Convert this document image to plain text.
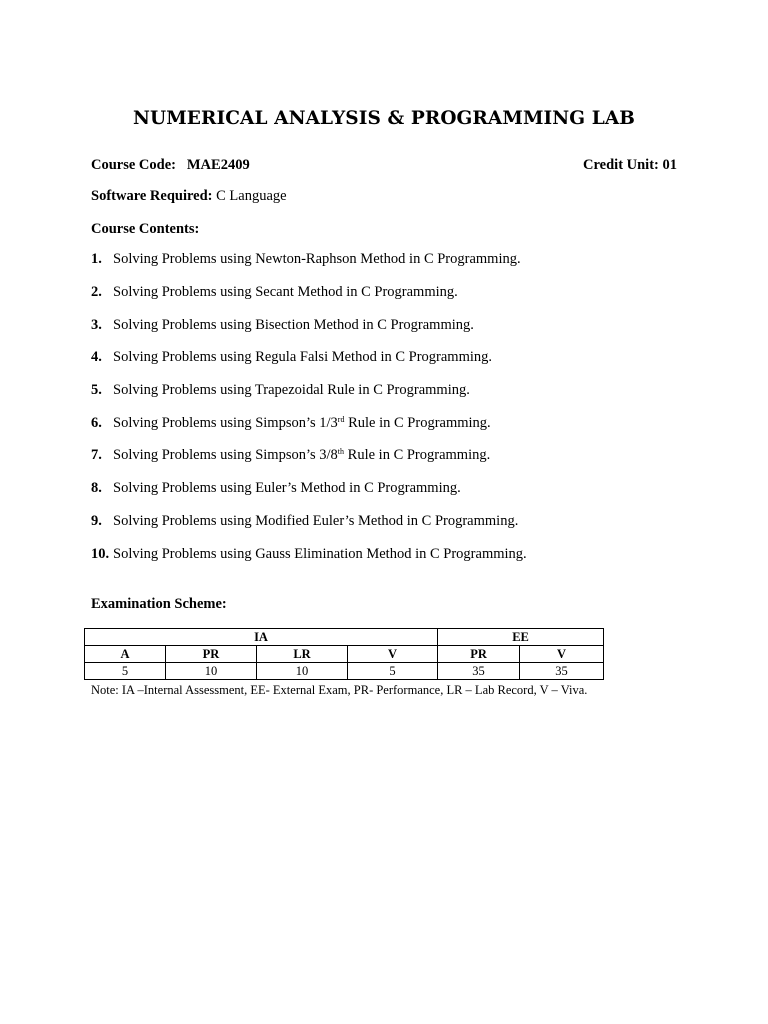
NUMERICAL ANALYSIS & PROGRAMMING LAB
Course Code: MAE2409	Credit Unit: 01
Software Required: C Language
Course Contents:
1. Solving Problems using Newton-Raphson Method in C Programming.
2. Solving Problems using Secant Method in C Programming.
3. Solving Problems using Bisection Method in C Programming.
4. Solving Problems using Regula Falsi Method in C Programming.
5. Solving Problems using Trapezoidal Rule in C Programming.
6. Solving Problems using Simpson’s 1/3rd Rule in C Programming.
7. Solving Problems using Simpson’s 3/8th Rule in C Programming.
8. Solving Problems using Euler’s Method in C Programming.
9. Solving Problems using Modified Euler’s Method in C Programming.
10. Solving Problems using Gauss Elimination Method in C Programming.
Examination Scheme:
IA				EE	
A	PR	LR	V	PR	V
5	10	10	5	35	35
Note: IA –Internal Assessment, EE- External Exam, PR- Performance, LR – Lab Record, V – Viva.
